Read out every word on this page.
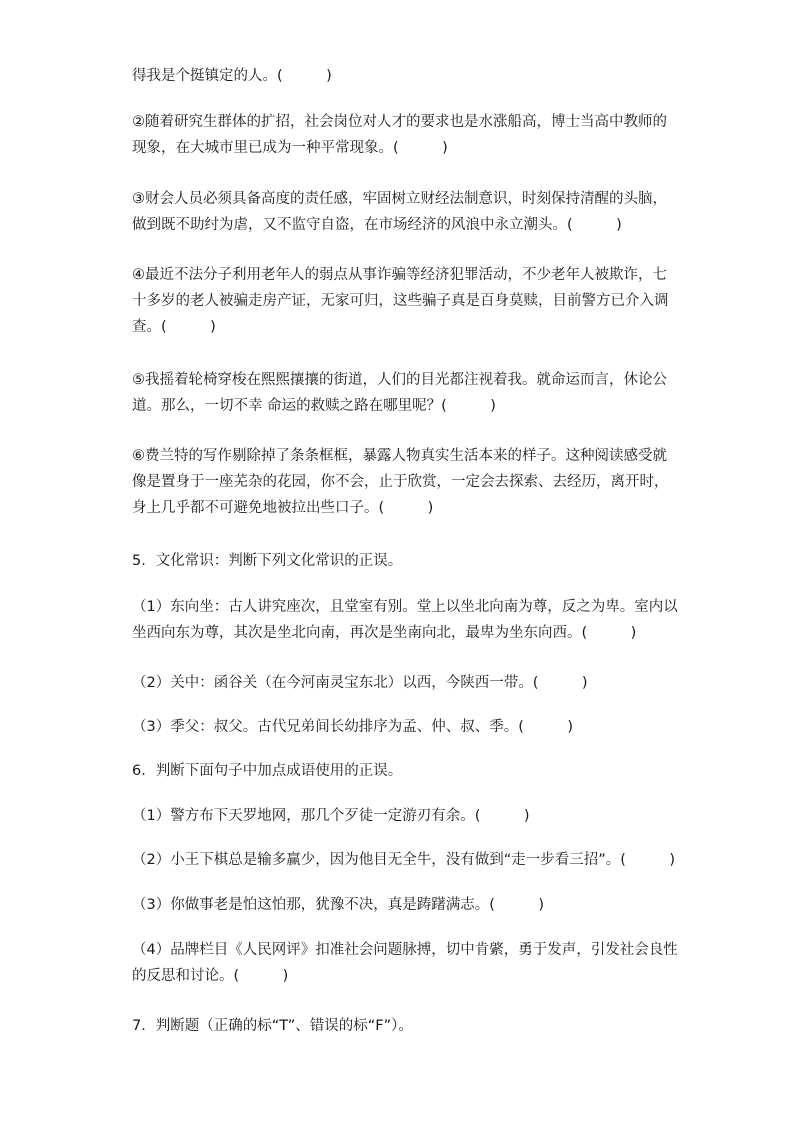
得我是个挺镇定的人。(　　　)
②随着研究生群体的扩招，社会岗位对人才的要求也是水涨船高，博士当高中教师的
现象，在大城市里已成为一种平常现象。(　　　)
③财会人员必须具备高度的责任感，牢固树立财经法制意识，时刻保持清醒的头脑，
做到既不助纣为虐，又不监守自盗，在市场经济的风浪中永立潮头。(　　　)
④最近不法分子利用老年人的弱点从事诈骗等经济犯罪活动，不少老年人被欺诈，七
十多岁的老人被骗走房产证，无家可归，这些骗子真是百身莫赎，目前警方已介入调
查。(　　　)
⑤我摇着轮椅穿梭在熙熙攘攘的街道，人们的目光都注视着我。就命运而言，休论公
道。那么，一切不幸 命运的救赎之路在哪里呢？(　　　)
⑥费兰特的写作剔除掉了条条框框，暴露人物真实生活本来的样子。这种阅读感受就
像是置身于一座芜杂的花园，你不会，止于欣赏，一定会去探索、去经历，离开时，
身上几乎都不可避免地被拉出些口子。(　　　)
5．文化常识：判断下列文化常识的正误。
（1）东向坐：古人讲究座次，且堂室有别。堂上以坐北向南为尊，反之为卑。室内以
坐西向东为尊，其次是坐北向南，再次是坐南向北，最卑为坐东向西。(　　　)
（2）关中：函谷关（在今河南灵宝东北）以西，今陕西一带。(　　　)
（3）季父：叔父。古代兄弟间长幼排序为孟、仲、叔、季。(　　　)
6．判断下面句子中加点成语使用的正误。
（1）警方布下天罗地网，那几个歹徒一定游刃有余。(　　　)
（2）小王下棋总是输多赢少，因为他目无全牛，没有做到“走一步看三招”。(　　　)
（3）你做事老是怕这怕那，犹豫不决，真是踌躇满志。(　　　)
（4）品牌栏目《人民网评》扣准社会问题脉搏，切中肯綮，勇于发声，引发社会良性
的反思和讨论。(　　　)
7．判断题（正确的标“T”、错误的标“F”）。
